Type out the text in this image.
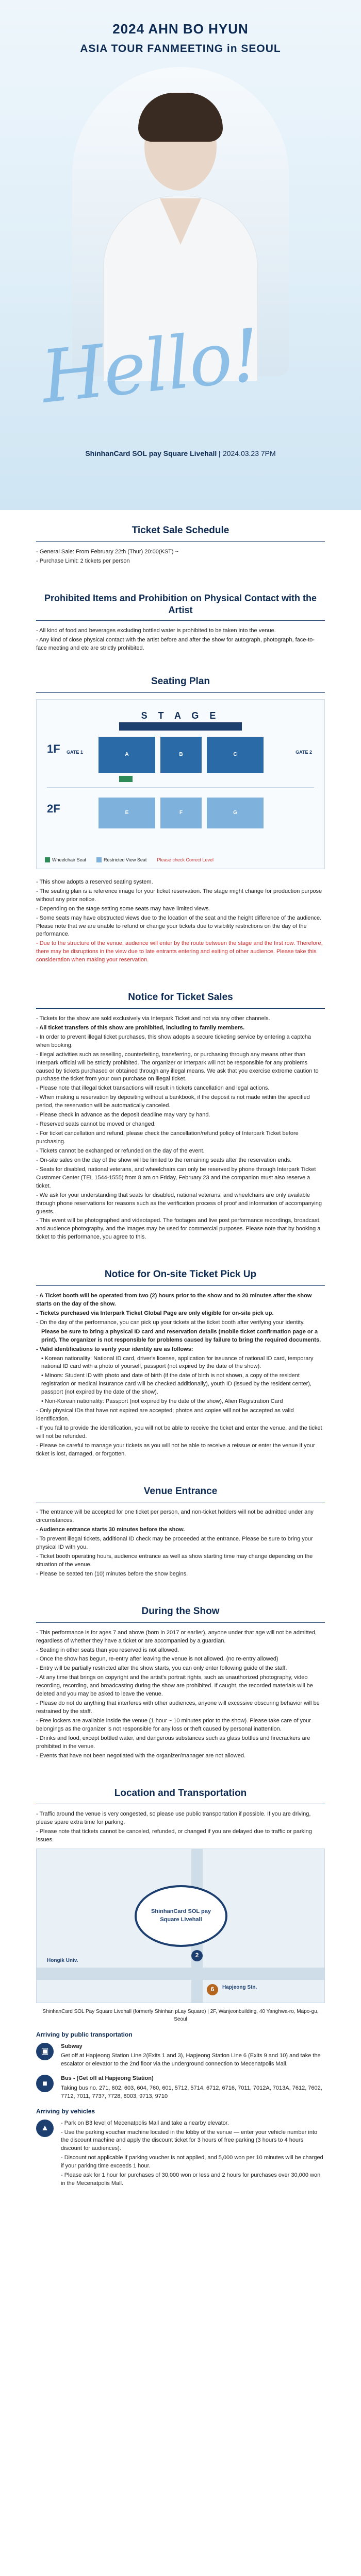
2024 AHN BO HYUN
ASIA TOUR FANMEETING in SEOUL
Hello!
ShinhanCard SOL pay Square Livehall | 2024.03.23 7PM
Ticket Sale Schedule
- General Sale: From February 22th (Thur) 20:00(KST) ~
- Purchase Limit: 2 tickets per person
Prohibited Items and Prohibition on Physical Contact with the Artist
- All kind of food and beverages excluding bottled water is prohibited to be taken into the venue.
- Any kind of close physical contact with the artist before and after the show for autograph, photograph, face-to-face meeting and etc are strictly prohibited.
Seating Plan
S T A G E
1F GATE 1	GATE 2
A	B	C
2F	E	F	G
Wheelchair Seat	Restricted View Seat Please check Correct Level
- This show adopts a reserved seating system.
- The seating plan is a reference image for your ticket reservation. The stage might change for production purpose without any prior notice.
- Depending on the stage setting some seats may have limited views.
- Some seats may have obstructed views due to the location of the seat and the height difference of the audience. Please note that we are unable to refund or change your tickets due to visibility restrictions on the day of the performance.
- Due to the structure of the venue, audience will enter by the route between the stage and the first row. Therefore, there may be disruptions in the view due to late entrants entering and exiting of other audience. Please take this consideration when making your reservation.
Notice for Ticket Sales
- Tickets for the show are sold exclusively via Interpark Ticket and not via any other channels.
- All ticket transfers of this show are prohibited, including to family members.
- In order to prevent illegal ticket purchases, this show adopts a secure ticketing service by entering a captcha when booking.
- Illegal activities such as reselling, counterfeiting, transferring, or purchasing through any means other than Interpark official will be strictly prohibited. The organizer or Interpark will not be responsible for any problems caused by tickets purchased or obtained through any illegal means. We ask that you exercise extreme caution to purchase the ticket from your own purchase on illegal ticket.
- Please note that illegal ticket transactions will result in tickets cancellation and legal actions.
- When making a reservation by depositing without a bankbook, if the deposit is not made within the specified period, the reservation will be automatically canceled.
- Please check in advance as the deposit deadline may vary by hand.
- Reserved seats cannot be moved or changed.
- For ticket cancellation and refund, please check the cancellation/refund policy of Interpark Ticket before purchasing.
- Tickets cannot be exchanged or refunded on the day of the event.
- On-site sales on the day of the show will be limited to the remaining seats after the reservation ends.
- Seats for disabled, national veterans, and wheelchairs can only be reserved by phone through Interpark Ticket Customer Center (TEL 1544-1555) from 8 am on Friday, February 23 and the companion must also reserve a ticket.
- We ask for your understanding that seats for disabled, national veterans, and wheelchairs are only available through phone reservations for reasons such as the verification process of proof and information of accompanying guests.
- This event will be photographed and videotaped. The footages and live post performance recordings, broadcast, and audience photography, and the images may be used for commercial purposes. Please note that by booking a ticket to this performance, you agree to this.
Notice for On-site Ticket Pick Up
- A Ticket booth will be operated from two (2) hours prior to the show and to 20 minutes after the show starts on the day of the show.
- Tickets purchased via Interpark Ticket Global Page are only eligible for on-site pick up.
- On the day of the performance, you can pick up your tickets at the ticket booth after verifying your identity.
Please be sure to bring a physical ID card and reservation details (mobile ticket confirmation page or a print). The organizer is not responsible for problems caused by failure to bring the required documents.
- Valid identifications to verify your identity are as follows:
• Korean nationality: National ID card, driver's license, application for issuance of national ID card, temporary national ID card with a photo of yourself, passport (not expired by the date of the show).
• Minors: Student ID with photo and date of birth (if the date of birth is not shown, a copy of the resident registration or medical insurance card will be checked additionally), youth ID (issued by the resident center), passport (not expired by the date of the show).
• Non-Korean nationality: Passport (not expired by the date of the show), Alien Registration Card
- Only physical IDs that have not expired are accepted; photos and copies will not be accepted as valid identification.
- If you fail to provide the identification, you will not be able to receive the ticket and enter the venue, and the ticket will not be refunded.
- Please be careful to manage your tickets as you will not be able to receive a reissue or enter the venue if your ticket is lost, damaged, or forgotten.
Venue Entrance
- The entrance will be accepted for one ticket per person, and non-ticket holders will not be admitted under any circumstances.
- Audience entrance starts 30 minutes before the show.
- To prevent illegal tickets, additional ID check may be proceeded at the entrance. Please be sure to bring your physical ID with you.
- Ticket booth operating hours, audience entrance as well as show starting time may change depending on the situation of the venue.
- Please be seated ten (10) minutes before the show begins.
During the Show
- This performance is for ages 7 and above (born in 2017 or earlier), anyone under that age will not be admitted, regardless of whether they have a ticket or are accompanied by a guardian.
- Seating in other seats than you reserved is not allowed.
- Once the show has begun, re-entry after leaving the venue is not allowed. (no re-entry allowed)
- Entry will be partially restricted after the show starts, you can only enter following guide of the staff.
- At any time that brings on copyright and the artist's portrait rights, such as unauthorized photography, video recording, recording, and broadcasting during the show are prohibited. If caught, the recorded materials will be deleted and you may be asked to leave the venue.
- Please do not do anything that interferes with other audiences, anyone will excessive obscuring behavior will be restrained by the staff.
- Free lockers are available inside the venue (1 hour ~ 10 minutes prior to the show). Please take care of your belongings as the organizer is not responsible for any loss or theft caused by personal inattention.
- Drinks and food, except bottled water, and dangerous substances such as glass bottles and firecrackers are prohibited in the venue.
- Events that have not been negotiated with the organizer/manager are not allowed.
Location and Transportation
- Traffic around the venue is very congested, so please use public transportation if possible. If you are driving, please spare extra time for parking.
- Please note that tickets cannot be canceled, refunded, or changed if you are delayed due to traffic or parking issues.
ShinhanCard SOL pay Square Livehall
2
6	Hapjeong Stn.
Hongik Univ.
ShinhanCard SOL Pay Square Livehall (formerly Shinhan pLay Square) | 2F, Wanjeonbuilding, 40 Yanghwa-ro, Mapo-gu, Seoul
Arriving by public transportation
▣
Subway
Get off at Hapjeong Station Line 2(Exits 1 and 3), Hapjeong Station Line 6 (Exits 9 and 10) and take the escalator or elevator to the 2nd floor via the underground connection to Mecenatpolis Mall.
■
Bus - (Get off at Hapjeong Station)
Taking bus no. 271, 602, 603, 604, 760, 601, 5712, 5714, 6712, 6716, 7011, 7012A, 7013A, 7612, 7602, 7712, 7011, 7737, 7728, 8003, 9713, 9710
Arriving by vehicles
▲
- Park on B3 level of Mecenatpolis Mall and take a nearby elevator.
- Use the parking voucher machine located in the lobby of the venue — enter your vehicle number into the discount machine and apply the discount ticket for 3 hours of free parking (3 hours to 4 hours discount for audiences).
- Discount not applicable if parking voucher is not applied, and 5,000 won per 10 minutes will be charged if your parking time exceeds 1 hour.
- Please ask for 1 hour for purchases of 30,000 won or less and 2 hours for purchases over 30,000 won in the Mecenatpolis Mall.
